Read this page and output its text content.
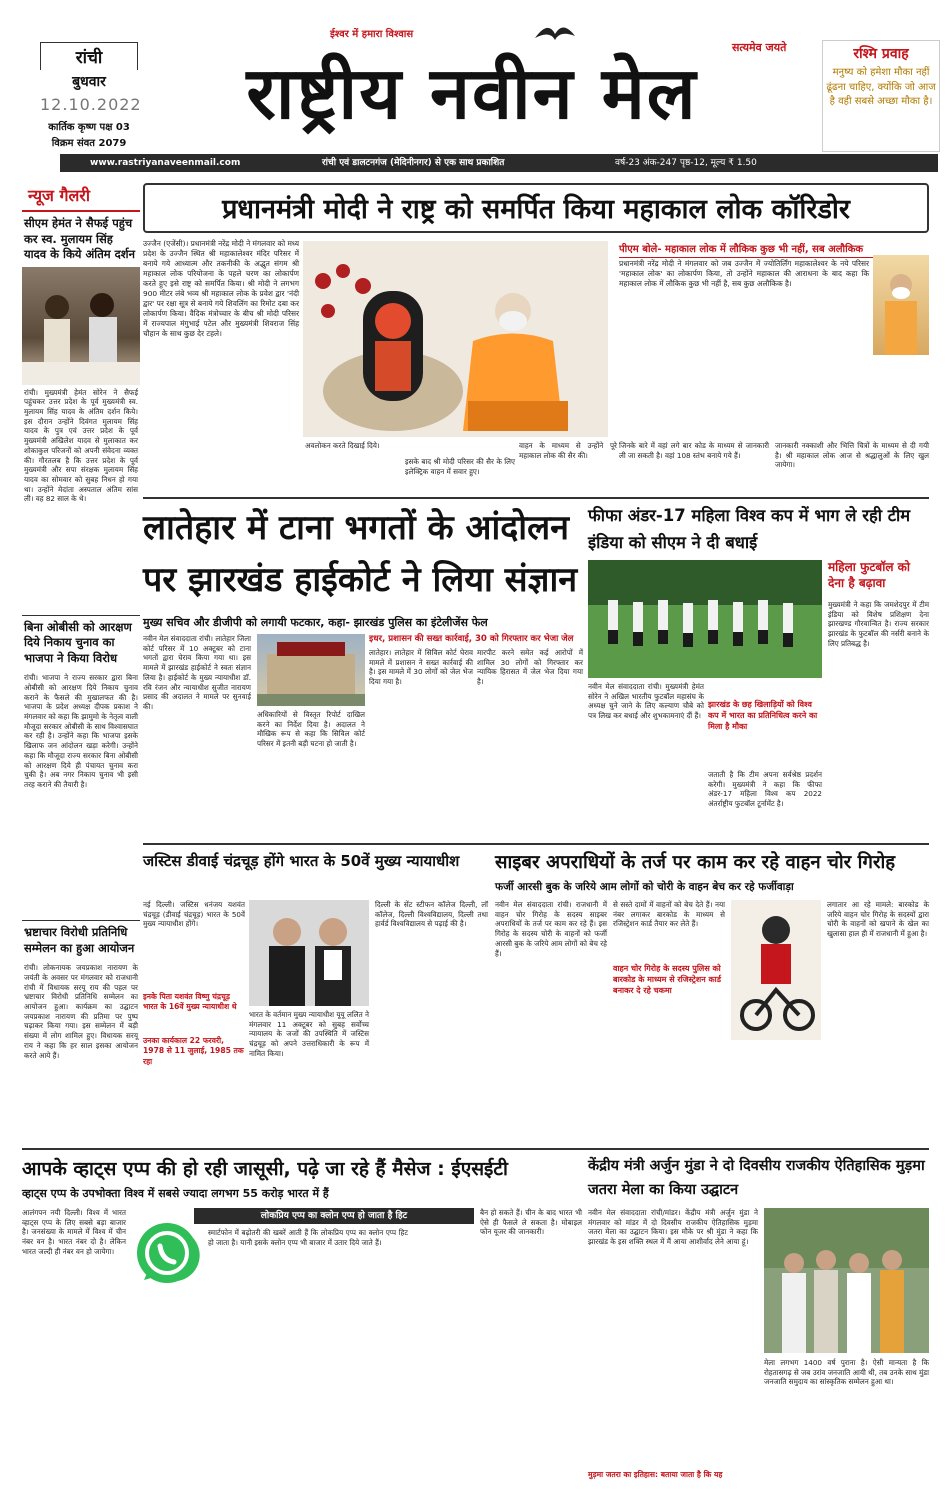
रांची
बुधवार
12.10.2022
कार्तिक कृष्ण पक्ष 03
विक्रम संवत 2079
ईश्वर में हमारा विश्वास
राष्ट्रीय नवीन मेल
सत्यमेव जयते	रश्मि प्रवाह
मनुष्य को हमेशा मौका नहीं ढूंढना चाहिए, क्योंकि जो आज है वही सबसे अच्छा मौका है।
www.rastriyanaveenmail.com	रांची एवं डालटनगंज (मेदिनीनगर) से एक साथ प्रकाशित	वर्ष-23 अंक-247 पृष्ठ-12, मूल्य ₹ 1.50
न्यूज गैलरी
सीएम हेमंत ने सैफई पहुंच कर स्व. मुलायम सिंह यादव के किये अंतिम दर्शन
रांची। मुख्यमंत्री हेमंत सोरेन ने सैफई पहुंचकर उत्तर प्रदेश के पूर्व मुख्यमंत्री स्व. मुलायम सिंह यादव के अंतिम दर्शन किये। इस दौरान उन्होंने दिवंगत मुलायम सिंह यादव के पुत्र एवं उत्तर प्रदेश के पूर्व मुख्यमंत्री अखिलेश यादव से मुलाकात कर शोकाकुल परिजनों को अपनी संवेदना व्यक्त की। गौरतलब है कि उत्तर प्रदेश के पूर्व मुख्यमंत्री और सपा संरक्षक मुलायम सिंह यादव का सोमवार को सुबह निधन हो गया था। उन्होंने मेदांता अस्पताल अंतिम सांस ली। वह 82 साल के थे।
बिना ओबीसी को आरक्षण दिये निकाय चुनाव का भाजपा ने किया विरोध
रांची। भाजपा ने राज्य सरकार द्वारा बिना ओबीसी को आरक्षण दिये निकाय चुनाव कराने के फैसले की मुखालफत की है। भाजपा के प्रदेश अध्यक्ष दीपक प्रकाश ने मंगलवार को कहा कि झामुमो के नेतृत्व वाली मौजूदा सरकार ओबीसी के साथ विश्वासघात कर रही है। उन्होंने कहा कि भाजपा इसके खिलाफ जन आंदोलन खड़ा करेगी। उन्होंने कहा कि मौजूदा राज्य सरकार बिना ओबीसी को आरक्षण दिये ही पंचायत चुनाव करा चुकी है। अब नगर निकाय चुनाव भी इसी तरह कराने की तैयारी है।
भ्रष्टाचार विरोधी प्रतिनिधि सम्मेलन का हुआ आयोजन
रांची। लोकनायक जयप्रकाश नारायण के जयंती के अवसर पर मंगलवार को राजधानी रांची में विधायक सरयू राय की पहल पर भ्रष्टाचार विरोधी प्रतिनिधि सम्मेलन का आयोजन हुआ। कार्यक्रम का उद्घाटन जयप्रकाश नारायण की प्रतिमा पर पुष्प चढ़ाकर किया गया। इस सम्मेलन में बड़ी संख्या में लोग शामिल हुए। विधायक सरयू राय ने कहा कि हर साल इसका आयोजन करते आये हैं।
प्रधानमंत्री मोदी ने राष्ट्र को समर्पित किया महाकाल लोक कॉरिडोर
उज्जैन (एजेंसी)। प्रधानमंत्री नरेंद्र मोदी ने मंगलवार को मध्य प्रदेश के उज्जैन स्थित श्री महाकालेश्वर मंदिर परिसर में बनाये गये आध्यात्म और तकनीकी के अद्भुत संगम श्री महाकाल लोक परियोजना के पहले चरण का लोकार्पण करते हुए इसे राष्ट्र को समर्पित किया। श्री मोदी ने लगभग 900 मीटर लंबे भव्य श्री महाकाल लोक के प्रवेश द्वार 'नंदी द्वार' पर रक्षा सूत्र से बनाये गये शिवलिंग का रिमोट दबा कर लोकार्पण किया। वैदिक मंत्रोच्चार के बीच श्री मोदी परिसर में राज्यपाल मंगुभाई पटेल और मुख्यमंत्री शिवराज सिंह चौहान के साथ कुछ देर टहले।
अवलोकन करते दिखाई दिये।
इसके बाद श्री मोदी परिसर की सैर के लिए इलेक्ट्रिक वाहन में सवार हुए।
वाहन के माध्यम से उन्होंने पूरे महाकाल लोक की सैर की।
पीएम बोले- महाकाल लोक में लौकिक कुछ भी नहीं, सब अलौकिक
प्रधानमंत्री नरेंद्र मोदी ने मंगलवार को जब उज्जैन में ज्योतिर्लिंग महाकालेश्वर के नये परिसर 'महाकाल लोक' का लोकार्पण किया, तो उन्होंने महाकाल की आराधना के बाद कहा कि महाकाल लोक में लौकिक कुछ भी नहीं है, सब कुछ अलौकिक है।
जिनके बारे में वहां लगे बार कोड के माध्यम से जानकारी ली जा सकती है। वहां 108 स्तंभ बनाये गये हैं।
जानकारी नक्काशी और भित्ति चित्रों के माध्यम से दी गयी है। श्री महाकाल लोक आज से श्रद्धालुओं के लिए खुल जायेगा।
लातेहार में टाना भगतों के आंदोलन पर झारखंड हाईकोर्ट ने लिया संज्ञान
मुख्य सचिव और डीजीपी को लगायी फटकार, कहा- झारखंड पुलिस का इंटेलीजेंस फेल
नवीन मेल संवाददाता रांची। लातेहार जिला कोर्ट परिसर में 10 अक्टूबर को टाना भगतों द्वारा घेराव किया गया था। इस मामले में झारखंड हाईकोर्ट ने स्वतः संज्ञान लिया है। हाईकोर्ट के मुख्य न्यायाधीश डॉ. रवि रंजन और न्यायाधीश सुजीत नारायण प्रसाद की अदालत ने मामले पर सुनवाई की।
अधिकारियों से विस्तृत रिपोर्ट दाखिल करने का निर्देश दिया है। अदालत ने मौखिक रूप से कहा कि सिविल कोर्ट परिसर में इतनी बड़ी घटना हो जाती है।
इधर, प्रशासन की सख्त कार्रवाई, 30 को गिरफ्तार कर भेजा जेल
लातेहार। लातेहार में सिविल कोर्ट घेराव मामले में प्रशासन ने सख्त कार्रवाई की है। इस मामले में 30 लोगों को जेल भेज दिया गया है।
मारपीट करने समेत कई आरोपों में शामिल 30 लोगों को गिरफ्तार कर न्यायिक हिरासत में जेल भेज दिया गया है।
फीफा अंडर-17 महिला विश्व कप में भाग ले रही टीम इंडिया को सीएम ने दी बधाई
महिला फुटबॉल को देना है बढ़ावा
मुख्यमंत्री ने कहा कि जमशेदपुर में टीम इंडिया को विशेष प्रशिक्षण देना झारखण्ड गौरवान्वित है। राज्य सरकार झारखंड के फुटबॉल की नर्सरी बनाने के लिए प्रतिबद्ध है।
नवीन मेल संवाददाता रांची। मुख्यमंत्री हेमंत सोरेन ने अखिल भारतीय फुटबॉल महासंघ के अध्यक्ष चुने जाने के लिए कल्याण चौबे को पत्र लिख कर बधाई और शुभकामनाएं दीं हैं।
झारखंड के छह खिलाड़ियों को विश्व कप में भारत का प्रतिनिधित्व करने का मिला है मौका
जताती है कि टीम अपना सर्वश्रेष्ठ प्रदर्शन करेगी। मुख्यमंत्री ने कहा कि फीफा अंडर-17 महिला विश्व कप 2022 अंतर्राष्ट्रीय फुटबॉल टूर्नामेंट है।
जस्टिस डीवाई चंद्रचूड़ होंगे भारत के 50वें मुख्य न्यायाधीश
नई दिल्ली। जस्टिस धनंजय यशवंत चंद्रचूड़ (डीवाई चंद्रचूड़) भारत के 50वें मुख्य न्यायाधीश होंगे।
इनके पिता यशवंत विष्णु चंद्रचूड़ भारत के 16वें मुख्य न्यायाधीश थे
उनका कार्यकाल 22 फरवरी, 1978 से 11 जुलाई, 1985 तक रहा
भारत के वर्तमान मुख्य न्यायाधीश यूयू ललित ने मंगलवार 11 अक्टूबर को सुबह सर्वोच्च न्यायालय के जजों की उपस्थिति में जस्टिस चंद्रचूड़ को अपने उत्तराधिकारी के रूप में नामित किया।
दिल्ली के सेंट स्टीफन कॉलेज दिल्ली, लॉ कॉलेज, दिल्ली विश्वविद्यालय, दिल्ली तथा हार्वर्ड विश्वविद्यालय से पढ़ाई की है।
साइबर अपराधियों के तर्ज पर काम कर रहे वाहन चोर गिरोह
फर्जी आरसी बुक के जरिये आम लोगों को चोरी के वाहन बेच कर रहे फर्जीवाड़ा
नवीन मेल संवाददाता रांची। राजधानी में वाहन चोर गिरोह के सदस्य साइबर अपराधियों के तर्ज पर काम कर रहे हैं। इस गिरोह के सदस्य चोरी के वाहनों को फर्जी आरसी बुक के जरिये आम लोगों को बेच रहे हैं।
से सस्ते दामों में वाहनों को बेच देते हैं। नया नंबर लगाकर बारकोड के माध्यम से रजिस्ट्रेशन कार्ड तैयार कर लेते हैं।
वाहन चोर गिरोह के सदस्य पुलिस को बारकोड के माध्यम से रजिस्ट्रेशन कार्ड बनाकर दे रहे चकमा
लगातार आ रहे मामले: बारकोड के जरिये वाहन चोर गिरोह के सदस्यों द्वारा चोरी के वाहनों को खपाने के खेल का खुलासा हाल ही में राजधानी में हुआ है।
आपके व्हाट्स एप्प की हो रही जासूसी, पढ़े जा रहे हैं मैसेज : ईएसईटी
व्हाट्स एप्प के उपभोक्ता विश्व में सबसे ज्यादा लगभग 55 करोड़ भारत में हैं
आलंगपन नयी दिल्ली। विश्व में भारत व्हाट्स एप्प के लिए सबसे बड़ा बाजार है। जनसंख्या के मामले में विश्व में चीन नंबर वन है। भारत नंबर दो है। लेकिन भारत जल्दी ही नंबर वन हो जायेगा।
लोकप्रिय एप्प का क्लोन एप्प हो जाता है हिट
स्मार्टफोन में बढ़ोतरी की खबरें आती हैं कि लोकप्रिय एप्प का क्लोन एप्प हिट हो जाता है। यानी इसके क्लोन एप्प भी बाजार में उतार दिये जाते हैं।
बैन हो सकते हैं। चीन के बाद भारत भी ऐसे ही फैसले ले सकता है। मोबाइल फोन यूजर की जानकारी।
केंद्रीय मंत्री अर्जुन मुंडा ने दो दिवसीय राजकीय ऐतिहासिक मुड़मा जतरा मेला का किया उद्घाटन
नवीन मेल संवाददाता रांची/मांडर। केंद्रीय मंत्री अर्जुन मुंडा ने मंगलवार को मांडर में दो दिवसीय राजकीय ऐतिहासिक मुड़मा जतरा मेला का उद्घाटन किया। इस मौके पर श्री मुंडा ने कहा कि झारखंड के इस शक्ति स्थल में मैं आया आशीर्वाद लेने आया हूं।
मेला लगभग 1400 वर्ष पुराना है। ऐसी मान्यता है कि रोहतासगढ़ से जब उरांव जनजाति आयी थी, तब उनके साथ मुंडा जनजाति समुदाय का सांस्कृतिक सम्मेलन हुआ था।
मुड़मा जतरा का इतिहास: बताया जाता है कि यह
